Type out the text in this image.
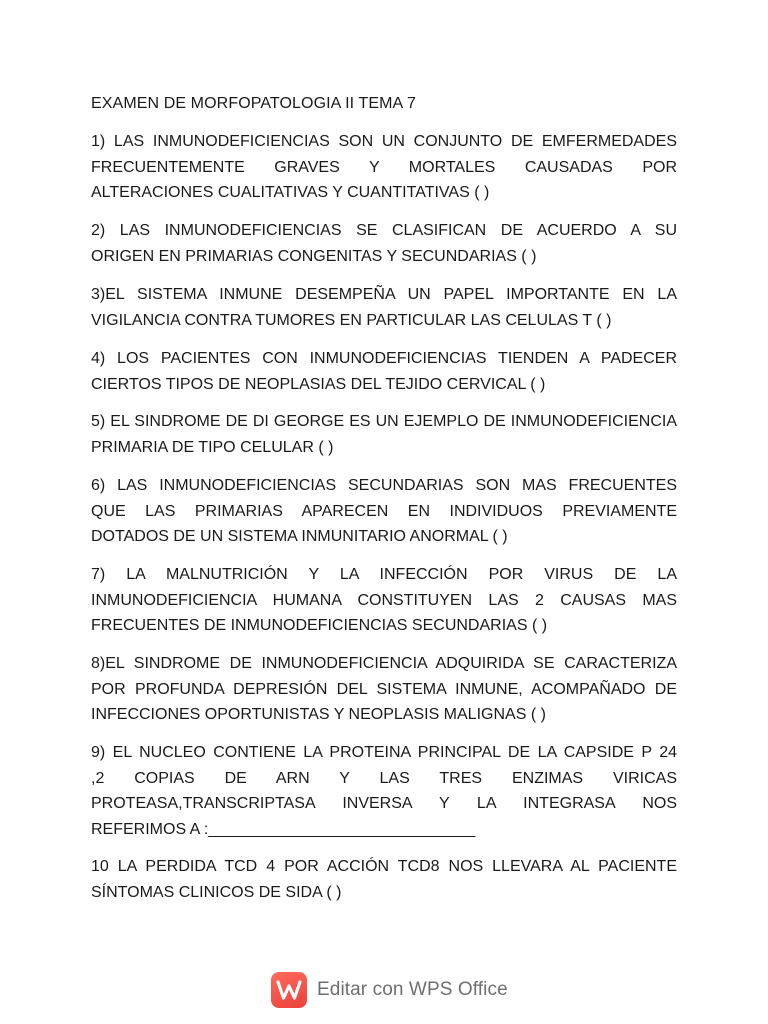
EXAMEN DE MORFOPATOLOGIA II TEMA 7
1) LAS INMUNODEFICIENCIAS SON UN CONJUNTO DE EMFERMEDADES
FRECUENTEMENTE GRAVES Y MORTALES CAUSADAS POR
ALTERACIONES CUALITATIVAS Y CUANTITATIVAS ( )
2) LAS INMUNODEFICIENCIAS SE CLASIFICAN DE ACUERDO A SU
ORIGEN EN PRIMARIAS CONGENITAS Y SECUNDARIAS ( )
3)EL SISTEMA INMUNE DESEMPEÑA UN PAPEL IMPORTANTE EN LA
VIGILANCIA CONTRA TUMORES EN PARTICULAR LAS CELULAS T ( )
4) LOS PACIENTES CON INMUNODEFICIENCIAS TIENDEN A PADECER
CIERTOS TIPOS DE NEOPLASIAS DEL TEJIDO CERVICAL ( )
5) EL SINDROME DE DI GEORGE ES UN EJEMPLO DE INMUNODEFICIENCIA
PRIMARIA DE TIPO CELULAR ( )
6) LAS INMUNODEFICIENCIAS SECUNDARIAS SON MAS FRECUENTES
QUE LAS PRIMARIAS APARECEN EN INDIVIDUOS PREVIAMENTE
DOTADOS DE UN SISTEMA INMUNITARIO ANORMAL ( )
7) LA MALNUTRICIÓN Y LA INFECCIÓN POR VIRUS DE LA
INMUNODEFICIENCIA HUMANA CONSTITUYEN LAS 2 CAUSAS MAS
FRECUENTES DE INMUNODEFICIENCIAS SECUNDARIAS ( )
8)EL SINDROME DE INMUNODEFICIENCIA ADQUIRIDA SE CARACTERIZA
POR PROFUNDA DEPRESIÓN DEL SISTEMA INMUNE, ACOMPAÑADO DE
INFECCIONES OPORTUNISTAS Y NEOPLASIS MALIGNAS ( )
9) EL NUCLEO CONTIENE LA PROTEINA PRINCIPAL DE LA CAPSIDE P 24
,2 COPIAS DE ARN Y LAS TRES ENZIMAS VIRICAS
PROTEASA,TRANSCRIPTASA INVERSA Y LA INTEGRASA NOS
REFERIMOS A :______________________________
10 LA PERDIDA TCD 4 POR ACCIÓN TCD8 NOS LLEVARA AL PACIENTE
SÍNTOMAS CLINICOS DE SIDA ( )
Editar con WPS Office
